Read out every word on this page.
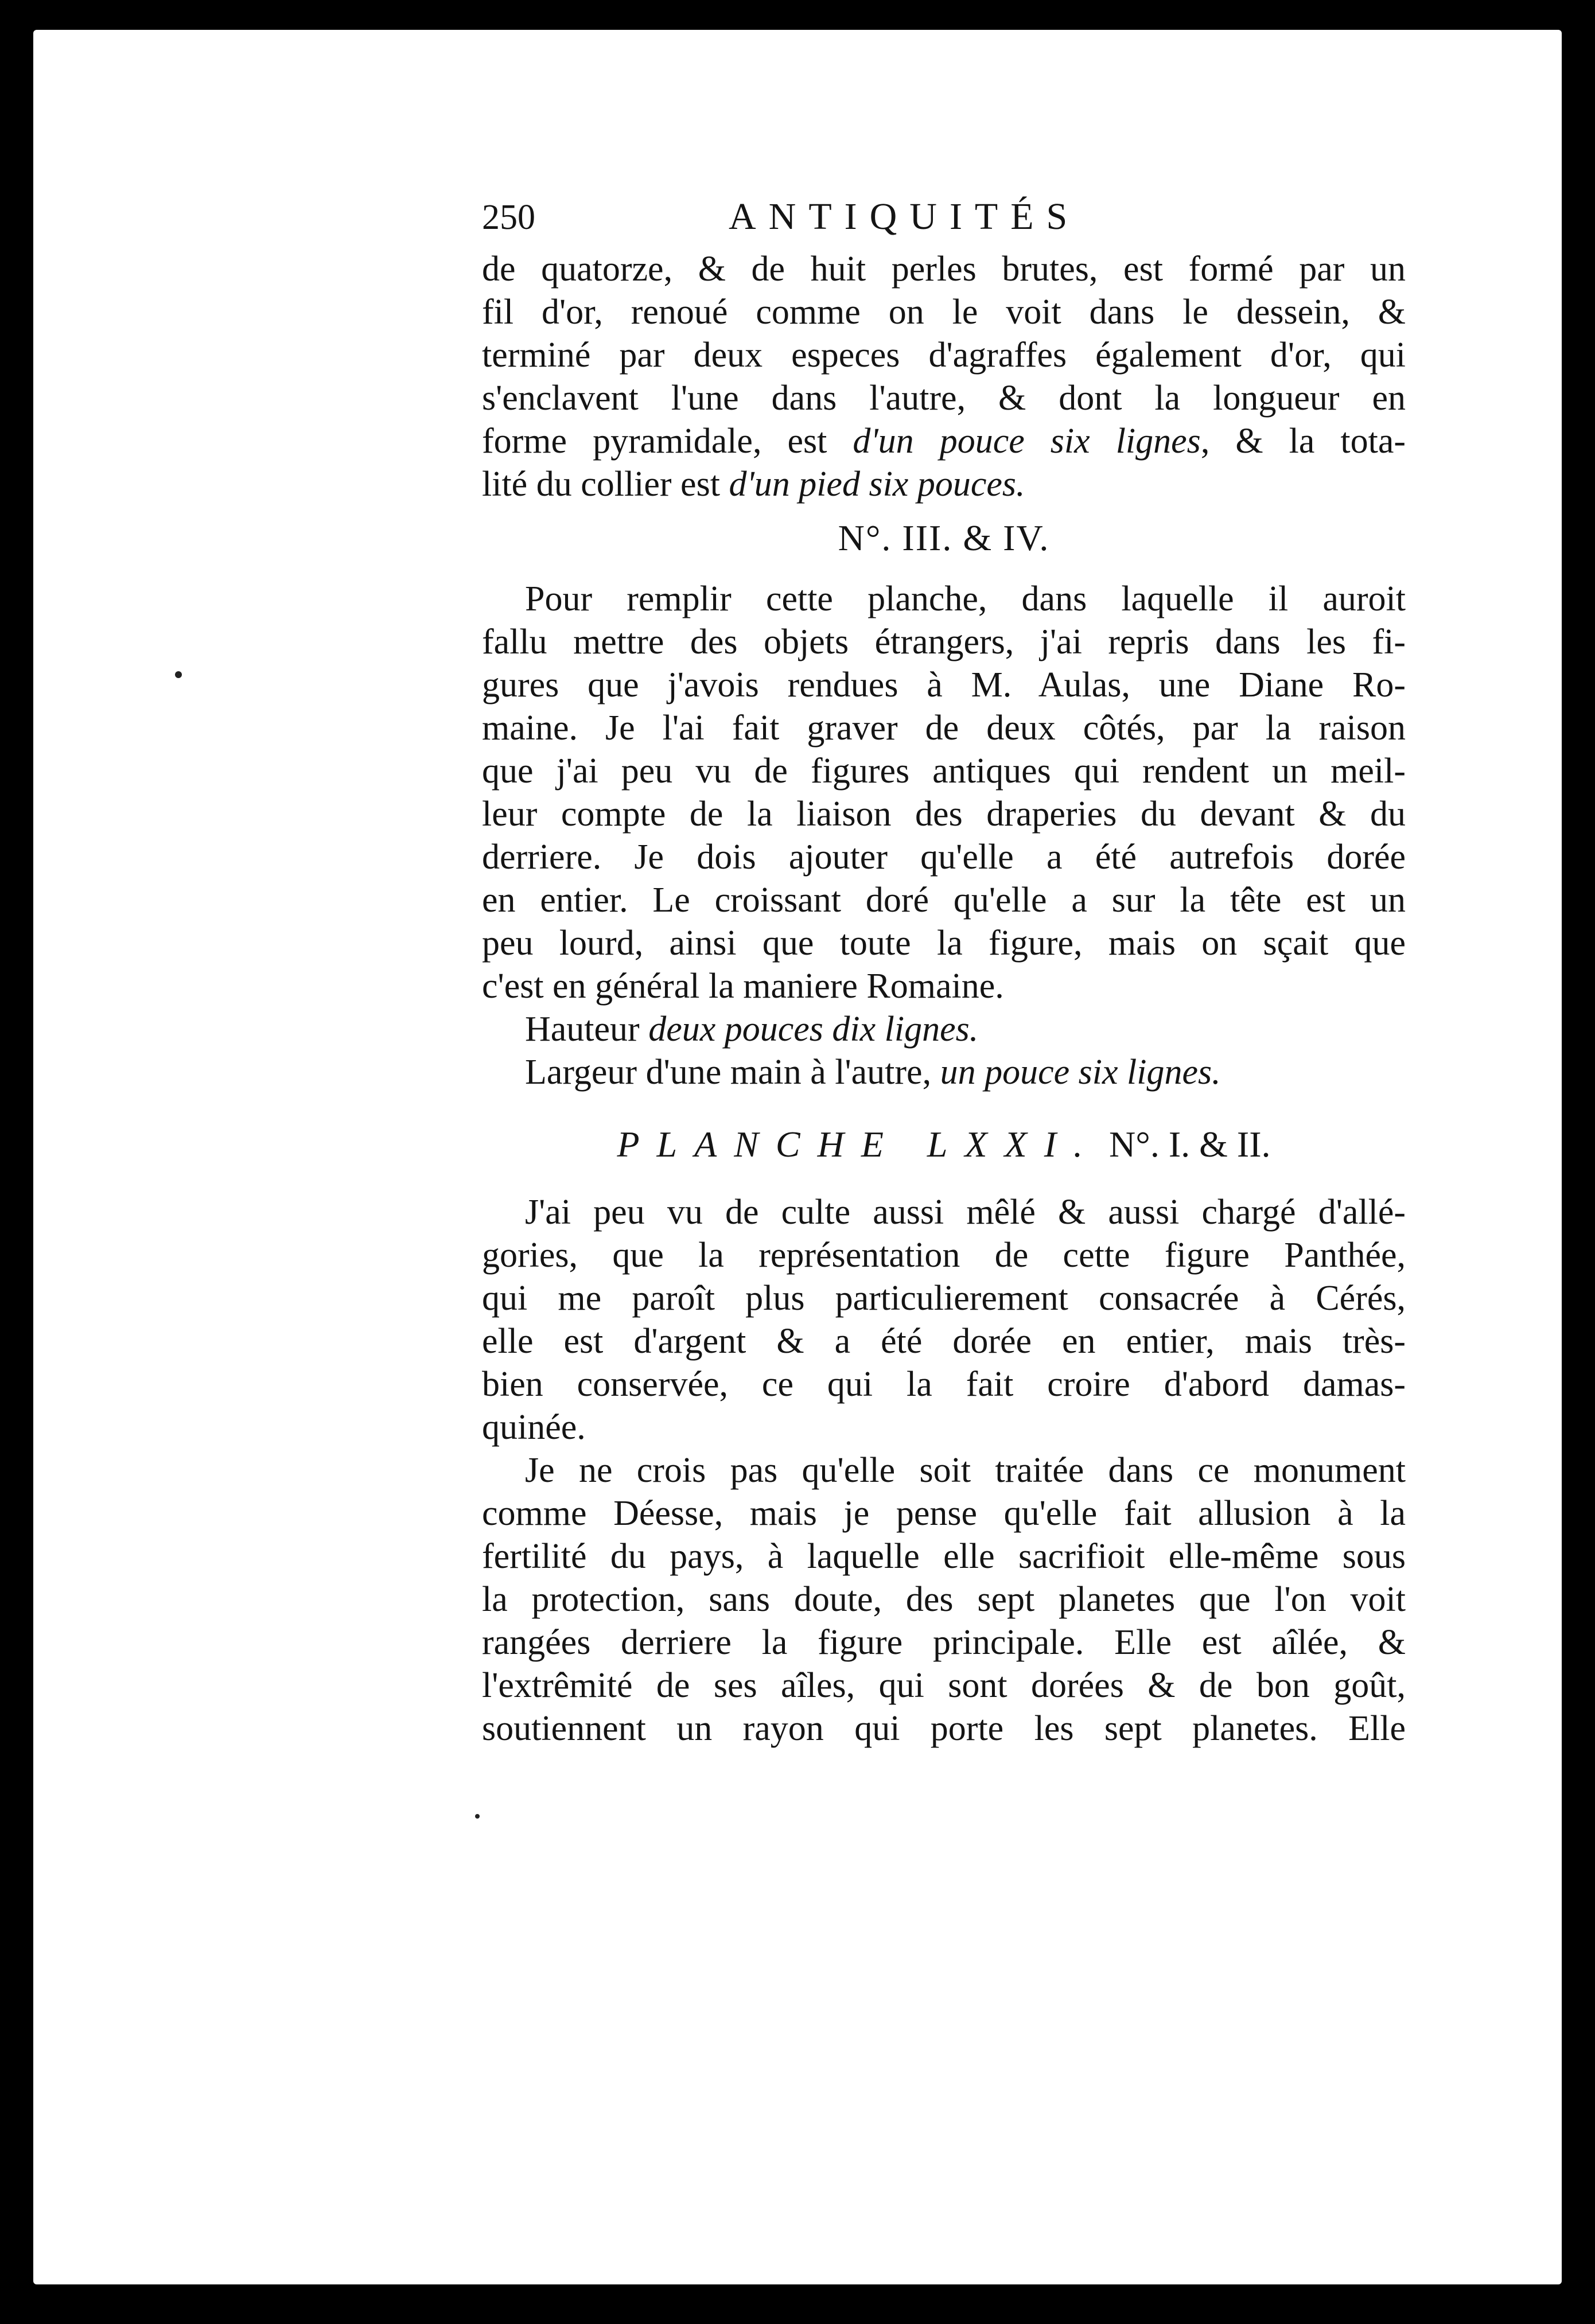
250	ANTIQUITÉS
de quatorze, & de huit perles brutes, est formé par un
fil d'or, renoué comme on le voit dans le dessein, &
terminé par deux especes d'agraffes également d'or, qui
s'enclavent l'une dans l'autre, & dont la longueur en
forme pyramidale, est d'un pouce six lignes, & la tota-
lité du collier est d'un pied six pouces.
N°. III. & IV.
Pour remplir cette planche, dans laquelle il auroit
fallu mettre des objets étrangers, j'ai repris dans les fi-
gures que j'avois rendues à M. Aulas, une Diane Ro-
maine. Je l'ai fait graver de deux côtés, par la raison
que j'ai peu vu de figures antiques qui rendent un meil-
leur compte de la liaison des draperies du devant & du
derriere. Je dois ajouter qu'elle a été autrefois dorée
en entier. Le croissant doré qu'elle a sur la tête est un
peu lourd, ainsi que toute la figure, mais on sçait que
c'est en général la maniere Romaine.
Hauteur deux pouces dix lignes.
Largeur d'une main à l'autre, un pouce six lignes.
PLANCHE LXXI. N°. I. & II.
J'ai peu vu de culte aussi mêlé & aussi chargé d'allé-
gories, que la représentation de cette figure Panthée,
qui me paroît plus particulierement consacrée à Cérés,
elle est d'argent & a été dorée en entier, mais très-
bien conservée, ce qui la fait croire d'abord damas-
quinée.
Je ne crois pas qu'elle soit traitée dans ce monument
comme Déesse, mais je pense qu'elle fait allusion à la
fertilité du pays, à laquelle elle sacrifioit elle-même sous
la protection, sans doute, des sept planetes que l'on voit
rangées derriere la figure principale. Elle est aîlée, &
l'extrêmité de ses aîles, qui sont dorées & de bon goût,
soutiennent un rayon qui porte les sept planetes. Elle
